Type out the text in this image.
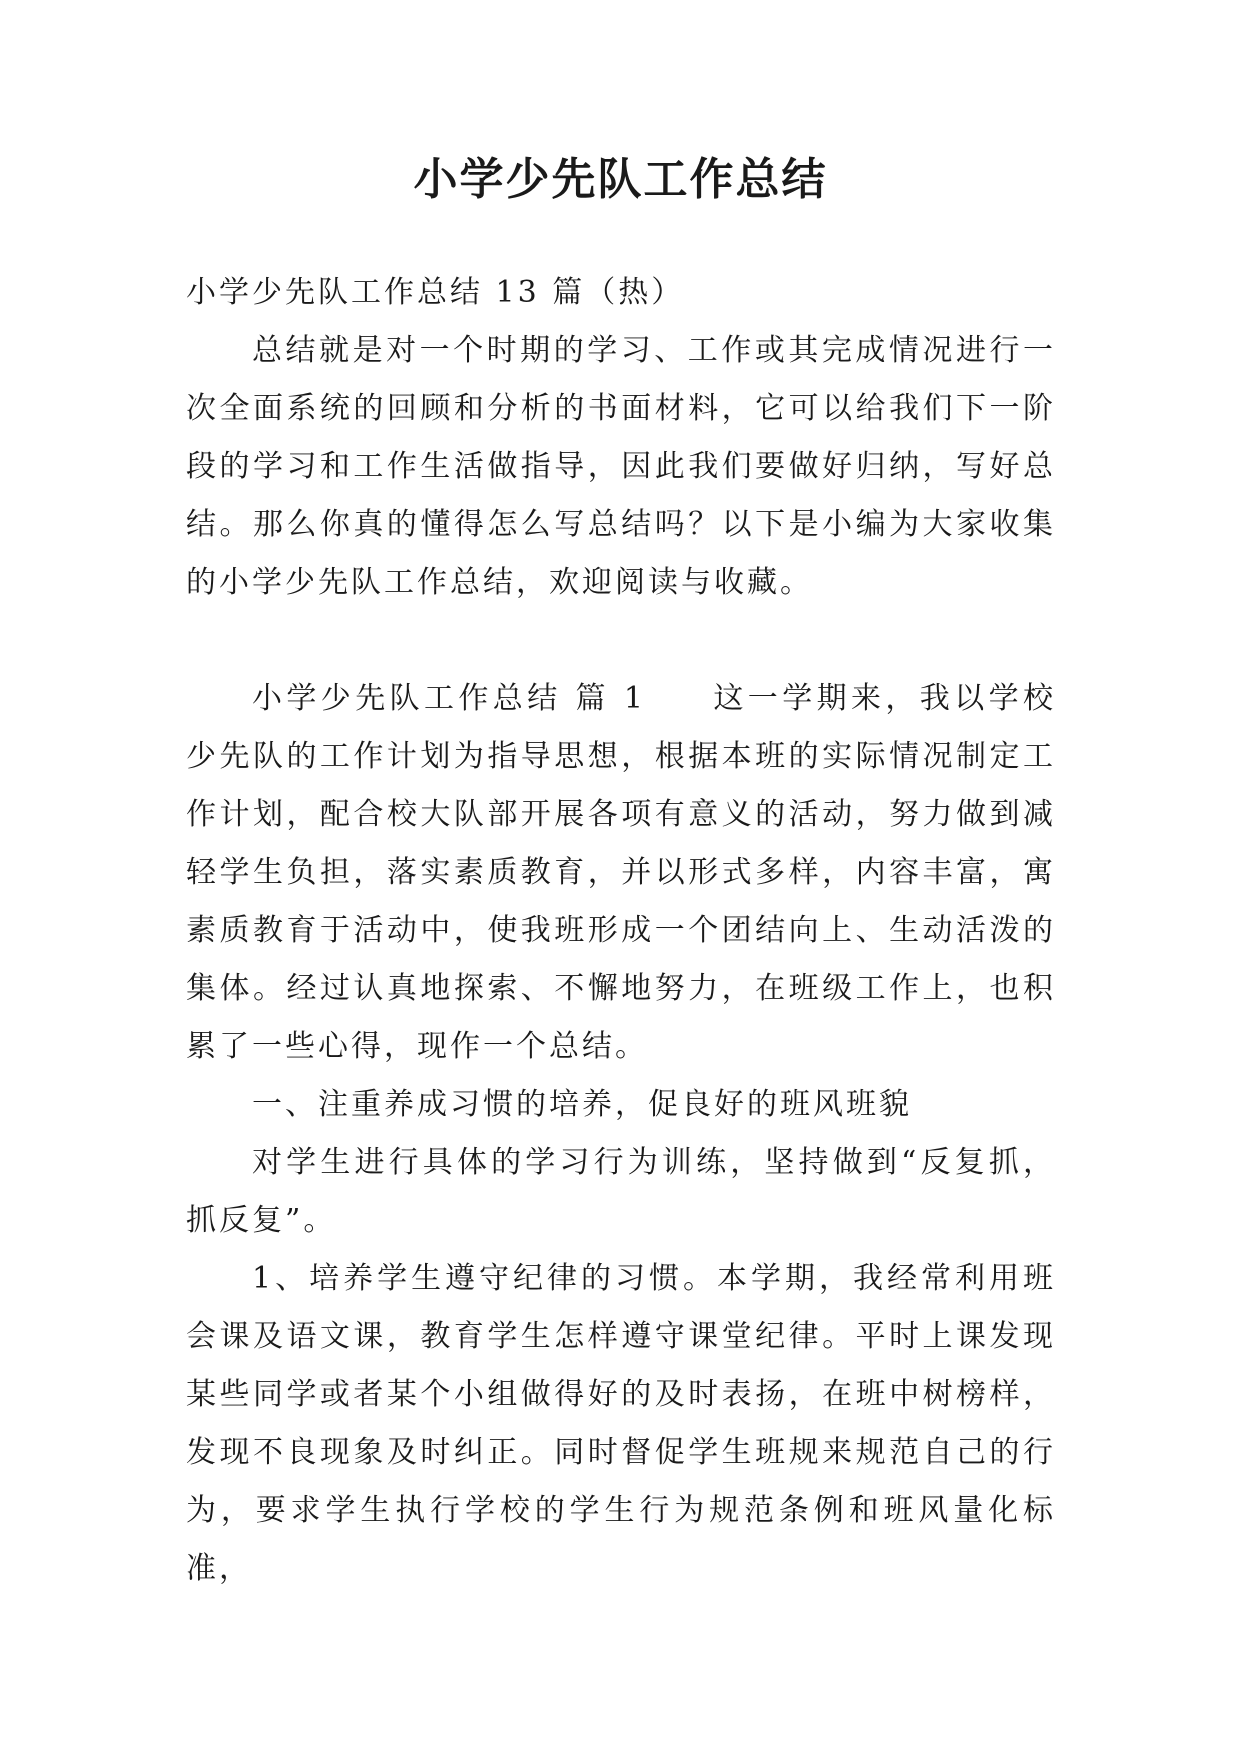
小学少先队工作总结

小学少先队工作总结 13 篇（热）

总结就是对一个时期的学习、工作或其完成情况进行一次全面系统的回顾和分析的书面材料，它可以给我们下一阶段的学习和工作生活做指导，因此我们要做好归纳，写好总结。那么你真的懂得怎么写总结吗？以下是小编为大家收集的小学少先队工作总结，欢迎阅读与收藏。

小学少先队工作总结 篇 1 这一学期来，我以学校少先队的工作计划为指导思想，根据本班的实际情况制定工作计划，配合校大队部开展各项有意义的活动，努力做到减轻学生负担，落实素质教育，并以形式多样，内容丰富，寓素质教育于活动中，使我班形成一个团结向上、生动活泼的集体。经过认真地探索、不懈地努力，在班级工作上，也积累了一些心得，现作一个总结。

一、注重养成习惯的培养，促良好的班风班貌

对学生进行具体的学习行为训练，坚持做到“反复抓，抓反复”。

1、培养学生遵守纪律的习惯。本学期，我经常利用班会课及语文课，教育学生怎样遵守课堂纪律。平时上课发现某些同学或者某个小组做得好的及时表扬，在班中树榜样，发现不良现象及时纠正。同时督促学生班规来规范自己的行为，要求学生执行学校的学生行为规范条例和班风量化标准，
